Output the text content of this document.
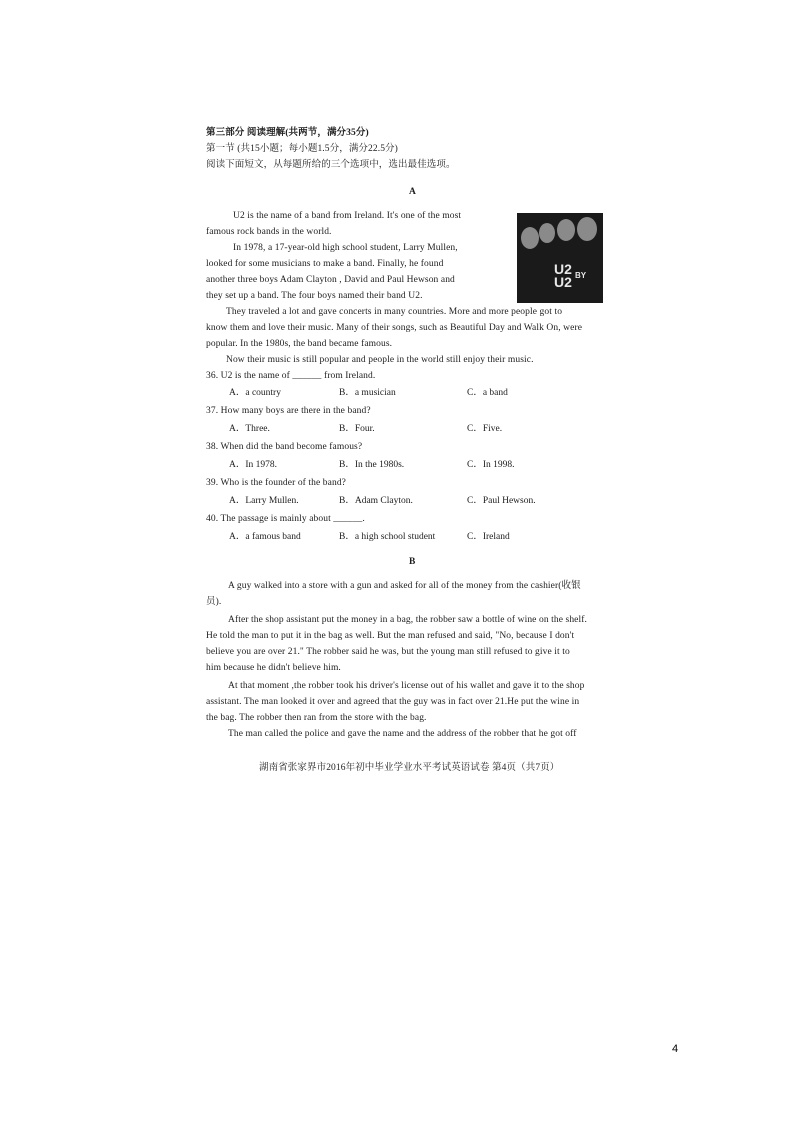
第三部分 阅读理解(共两节，满分35分)
第一节 (共15小题；每小题1.5分，满分22.5分)
阅读下面短文，从每题所给的三个选项中，选出最佳选项。
A
U2 BY
U2
U2 is the name of a band from Ireland. It's one of the most
famous rock bands in the world.
In 1978, a 17-year-old high school student, Larry Mullen,
looked for some musicians to make a band. Finally, he found
another three boys Adam Clayton , David and Paul Hewson and
they set up a band. The four boys named their band U2.
They traveled a lot and gave concerts in many countries. More and more people got to
know them and love their music. Many of their songs, such as Beautiful Day and Walk On, were
popular. In the 1980s, the band became famous.
Now their music is still popular and people in the world still enjoy their music.
36. U2 is the name of ______ from Ireland.
A．a country	B．a musician	C．a band
37. How many boys are there in the band?
A．Three.	B．Four.	C．Five.
38. When did the band become famous?
A．In 1978.	B．In the 1980s.	C．In 1998.
39. Who is the founder of the band?
A．Larry Mullen.	B．Adam Clayton.	C．Paul Hewson.
40. The passage is mainly about ______.
A．a famous band	B．a high school student	C．Ireland
B
A guy walked into a store with a gun and asked for all of the money from the cashier(收银
员).
After the shop assistant put the money in a bag, the robber saw a bottle of wine on the shelf.
He told the man to put it in the bag as well. But the man refused and said, "No, because I don't
believe you are over 21." The robber said he was, but the young man still refused to give it to
him because he didn't believe him.
At that moment ,the robber took his driver's license out of his wallet and gave it to the shop
assistant. The man looked it over and agreed that the guy was in fact over 21.He put the wine in
the bag. The robber then ran from the store with the bag.
The man called the police and gave the name and the address of the robber that he got off
湖南省张家界市2016年初中毕业学业水平考试英语试卷 第4页（共7页）
4
